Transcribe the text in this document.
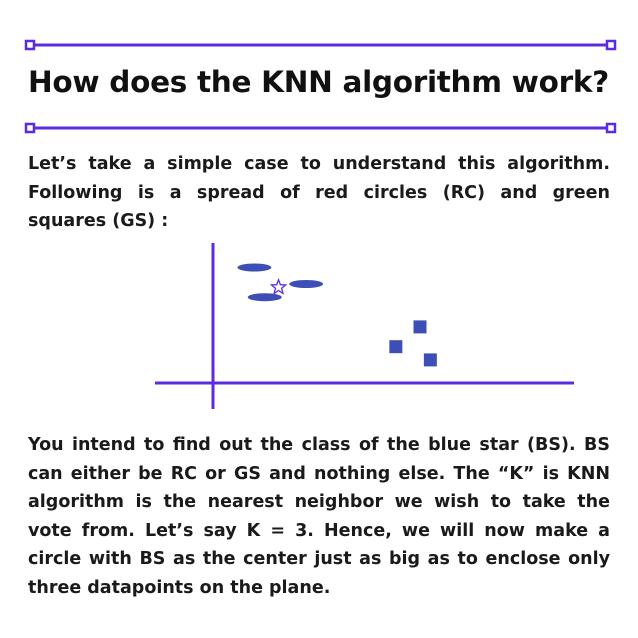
How does the KNN algorithm work?

Let’s take a simple case to understand this algorithm. Following is a spread of red circles (RC) and green squares (GS) :

You intend to find out the class of the blue star (BS). BS can either be RC or GS and nothing else. The “K” is KNN algorithm is the nearest neighbor we wish to take the vote from. Let’s say K = 3. Hence, we will now make a circle with BS as the center just as big as to enclose only three datapoints on the plane.
